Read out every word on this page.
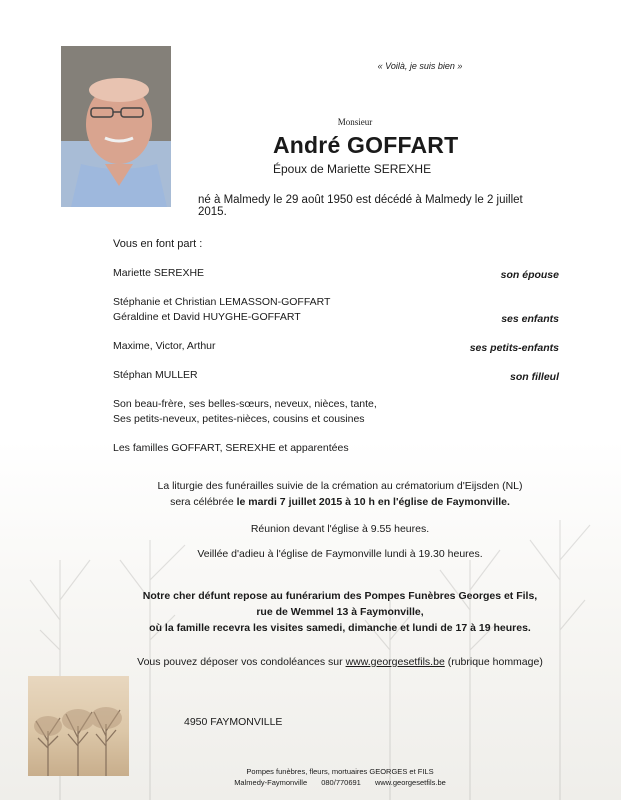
« Voilà, je suis bien »
Monsieur
André GOFFART
Époux de Mariette SEREXHE
né à Malmedy le 29 août 1950 est décédé à Malmedy le 2 juillet 2015.
Vous en font part :
Mariette SEREXHE	son épouse
Stéphanie et Christian LEMASSON-GOFFART
Géraldine et David HUYGHE-GOFFART	ses enfants
Maxime, Victor, Arthur	ses petits-enfants
Stéphan MULLER	son filleul
Son beau-frère, ses belles-sœurs, neveux, nièces, tante,
Ses petits-neveux, petites-nièces, cousins et cousines
Les familles GOFFART, SEREXHE et apparentées
La liturgie des funérailles suivie de la crémation au crématorium d'Eijsden (NL)
sera célébrée le mardi 7 juillet 2015 à 10 h en l'église de Faymonville.
Réunion devant l'église à 9.55 heures.
Veillée d'adieu à l'église de Faymonville lundi à 19.30 heures.
Notre cher défunt repose au funérarium des Pompes Funèbres Georges et Fils,
rue de Wemmel 13 à Faymonville,
où la famille recevra les visites samedi, dimanche et lundi de 17 à 19 heures.
Vous pouvez déposer vos condoléances sur www.georgesetfils.be (rubrique hommage)
4950 FAYMONVILLE
Pompes funèbres, fleurs, mortuaires GEORGES et FILS
Malmedy-Faymonville 080/770691 www.georgesetfils.be
